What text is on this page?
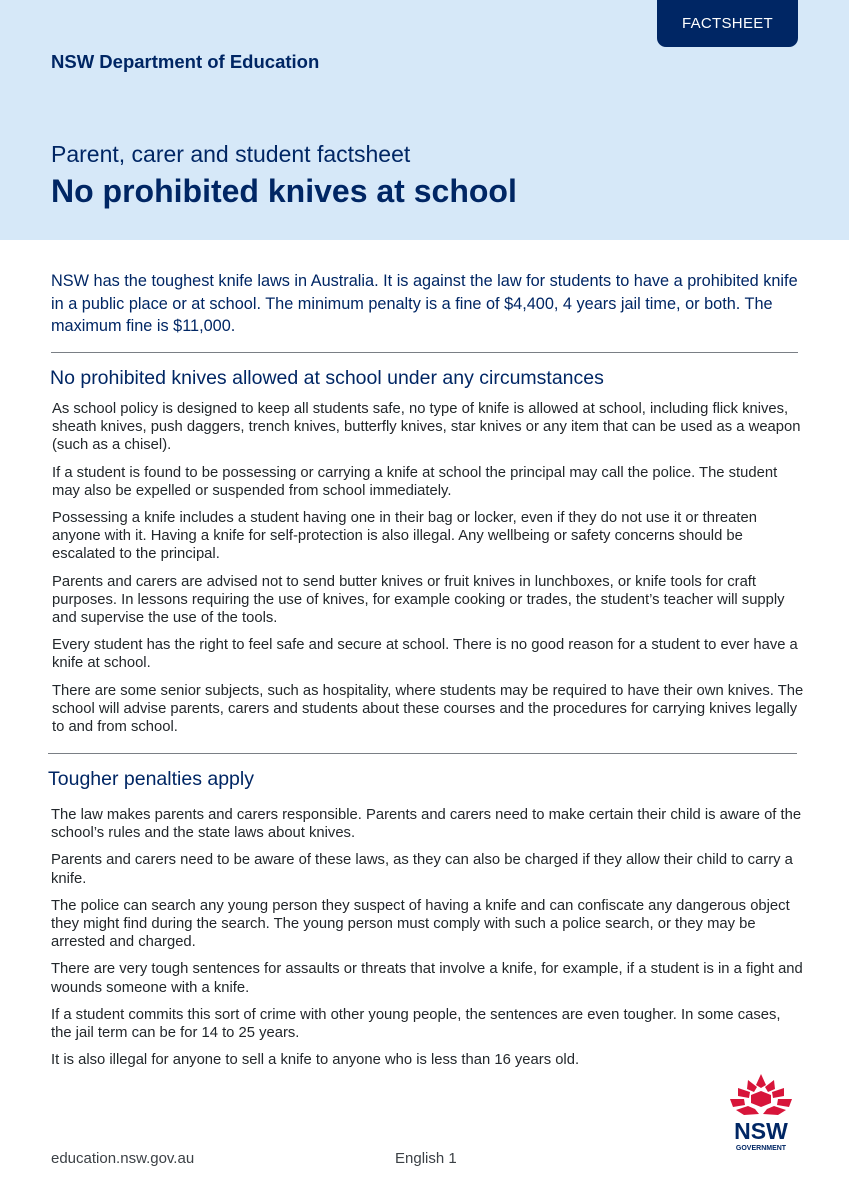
FACTSHEET
NSW Department of Education
Parent, carer and student factsheet
No prohibited knives at school
NSW has the toughest knife laws in Australia. It is against the law for students to have a prohibited knife in a public place or at school. The minimum penalty is a fine of $4,400, 4 years jail time, or both. The maximum fine is $11,000.
No prohibited knives allowed at school under any circumstances

As school policy is designed to keep all students safe, no type of knife is allowed at school, including flick knives, sheath knives, push daggers, trench knives, butterfly knives, star knives or any item that can be used as a weapon (such as a chisel).

If a student is found to be possessing or carrying a knife at school the principal may call the police. The student may also be expelled or suspended from school immediately.

Possessing a knife includes a student having one in their bag or locker, even if they do not use it or threaten anyone with it. Having a knife for self-protection is also illegal. Any wellbeing or safety concerns should be escalated to the principal.

Parents and carers are advised not to send butter knives or fruit knives in lunchboxes, or knife tools for craft purposes. In lessons requiring the use of knives, for example cooking or trades, the student’s teacher will supply and supervise the use of the tools.

Every student has the right to feel safe and secure at school. There is no good reason for a student to ever have a knife at school.

There are some senior subjects, such as hospitality, where students may be required to have their own knives. The school will advise parents, carers and students about these courses and the procedures for carrying knives legally to and from school.

Tougher penalties apply

The law makes parents and carers responsible. Parents and carers need to make certain their child is aware of the school’s rules and the state laws about knives.

Parents and carers need to be aware of these laws, as they can also be charged if they allow their child to carry a knife.

The police can search any young person they suspect of having a knife and can confiscate any dangerous object they might find during the search. The young person must comply with such a police search, or they may be arrested and charged.

There are very tough sentences for assaults or threats that involve a knife, for example, if a student is in a fight and wounds someone with a knife.

If a student commits this sort of crime with other young people, the sentences are even tougher. In some cases, the jail term can be for 14 to 25 years.

It is also illegal for anyone to sell a knife to anyone who is less than 16 years old.

education.nsw.gov.au	English 1
NSW
GOVERNMENT
